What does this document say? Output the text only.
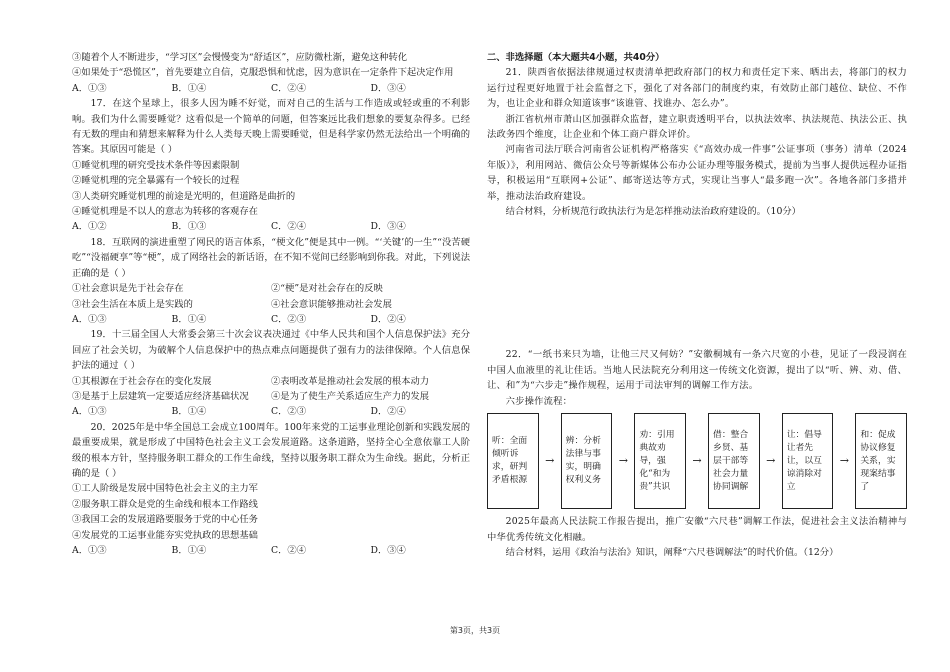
③随着个人不断进步，“学习区”会慢慢变为“舒适区”，应防微杜渐，避免这种转化

④如果处于“恐慌区”，首先要建立自信，克服恐惧和忧虑，因为意识在一定条件下起决定作用

A．①③	B．①④	C．②④	D．③④

17．在这个星球上，很多人因为睡不好觉，而对自己的生活与工作造成或轻或重的不利影响。我们为什么需要睡觉？这看似是一个简单的问题，但答案远比我们想象的要复杂得多。已经有无数的理由和猜想来解释为什么人类每天晚上需要睡觉，但是科学家仍然无法给出一个明确的答案。其原因可能是（ ）

①睡觉机理的研究受技术条件等因素限制

②睡觉机理的完全暴露有一个较长的过程

③人类研究睡觉机理的前途是光明的，但道路是曲折的

④睡觉机理是不以人的意志为转移的客观存在

A．①②	B．①③	C．②④	D．③④

18．互联网的演进重塑了网民的语言体系，“梗文化”便是其中一例。“‘关键’的一生”“没苦硬吃”“没福硬享”等“梗”，成了网络社会的新话语，在不知不觉间已经影响到你我。对此，下列说法正确的是（ ）

①社会意识是先于社会存在	②“梗”是对社会存在的反映
③社会生活在本质上是实践的	④社会意识能够推动社会发展
A．①③	B．①④	C．②③	D．②④

19．十三届全国人大常委会第三十次会议表决通过《中华人民共和国个人信息保护法》充分回应了社会关切，为破解个人信息保护中的热点难点问题提供了强有力的法律保障。个人信息保护法的通过（ ）

①其根源在于社会存在的变化发展	②表明改革是推动社会发展的根本动力
③是基于上层建筑一定要适应经济基础状况	④是为了使生产关系适应生产力的发展
A．①③	B．①④	C．②③	D．②④

20．2025年是中华全国总工会成立100周年。100年来党的工运事业理论创新和实践发展的最重要成果，就是形成了中国特色社会主义工会发展道路。这条道路，坚持全心全意依靠工人阶级的根本方针，坚持服务职工群众的工作生命线，坚持以服务职工群众为生命线。据此，分析正确的是（ ）

①工人阶级是发展中国特色社会主义的主力军

②服务职工群众是党的生命线和根本工作路线

③我国工会的发展道路要服务于党的中心任务

④发展党的工运事业能夯实党执政的思想基础

A．①③	B．①④	C．②④	D．③④

二、非选择题（本大题共4小题，共40分）

21．陕西省依据法律规通过权责清单把政府部门的权力和责任定下来、晒出去，将部门的权力运行过程更好地置于社会监督之下，强化了对各部门的制度约束，有效防止部门越位、缺位、不作为，也让企业和群众知道该事“该谁管、找谁办、怎么办”。

浙江省杭州市萧山区加强群众监督，建立职责透明平台，以执法效率、执法规范、执法公正、执法政务四个维度，让企业和个体工商户群众评价。

河南省司法厅联合河南省公证机构严格落实《“高效办成一件事”公证事项（事务）清单（2024年版）》，利用网站、微信公众号等新媒体公布办公证办理等服务模式，提前为当事人提供远程办证指导，积极运用“互联网+公证”、邮寄送达等方式，实现让当事人“最多跑一次”。各地各部门多措并举，推动法治政府建设。

结合材料，分析规范行政执法行为是怎样推动法治政府建设的。（10分）

22．“一纸书来只为墙，让他三尺又何妨？”安徽桐城有一条六尺宽的小巷，见证了一段浸润在中国人血液里的礼让佳话。当地人民法院充分利用这一传统文化资源，提出了以“听、辨、劝、借、让、和”为“六步走”操作规程，运用于司法审判的调解工作方法。

六步操作流程：

听：全面倾听诉求，研判矛盾根源
→
辨：分析法律与事实，明确权利义务
→
劝：引用典故劝导，强化“和为贵”共识
→
借：整合乡贤、基层干部等社会力量协同调解
→
让：倡导让者先让，以互谅消除对立
→
和：促成协议修复关系，实现案结事了

2025年最高人民法院工作报告提出，推广安徽“六尺巷”调解工作法，促进社会主义法治精神与中华优秀传统文化相融。

结合材料，运用《政治与法治》知识，阐释“六尺巷调解法”的时代价值。（12分）

第3页，共3页
